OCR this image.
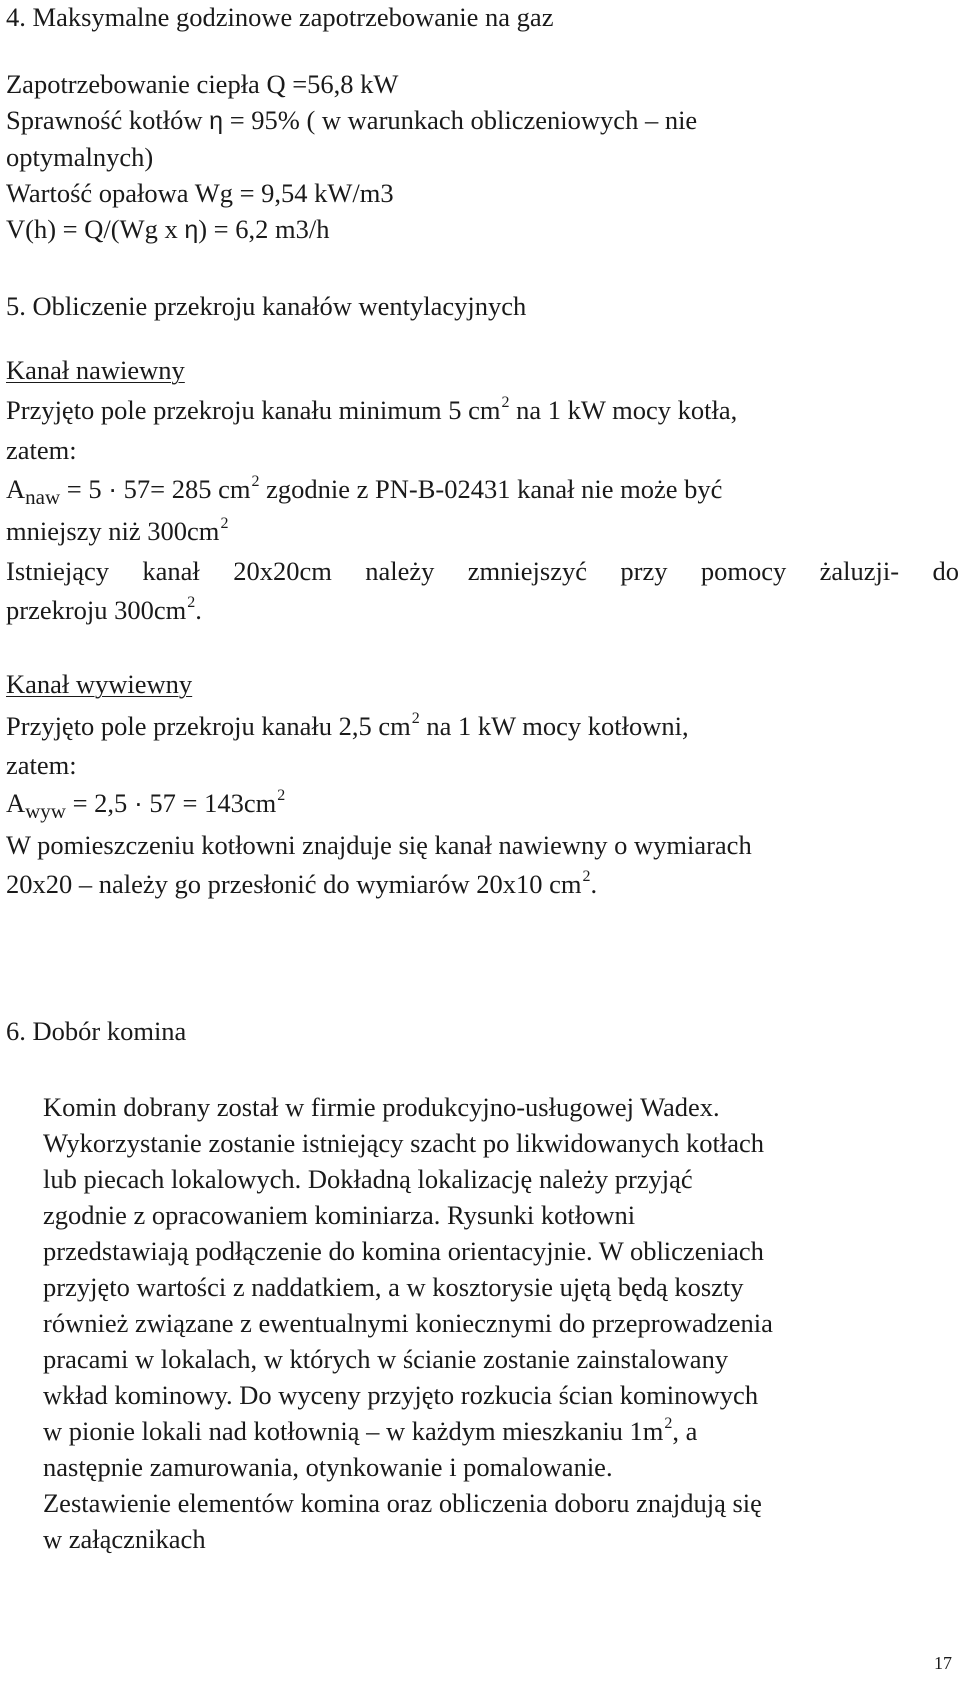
4. Maksymalne godzinowe zapotrzebowanie na gaz
Zapotrzebowanie ciepła Q =56,8 kW
Sprawność kotłów η = 95% ( w warunkach obliczeniowych – nie
optymalnych)
Wartość opałowa Wg = 9,54 kW/m3
V(h) = Q/(Wg x η) = 6,2 m3/h
5. Obliczenie przekroju kanałów wentylacyjnych
Kanał nawiewny
Przyjęto pole przekroju kanału minimum 5 $cm^2$ na 1 kW mocy kotła,
zatem:
$A_{naw} = 5 \cdot 57= 285$ $cm^2$ zgodnie z PN-B-02431 kanał nie może być
mniejszy niż $300cm^2$
Istniejący kanał 20x20cm należy zmniejszyć przy pomocy żaluzji- do
przekroju $300cm^2$.
Kanał wywiewny
Przyjęto pole przekroju kanału 2,5 $cm^2$ na 1 kW mocy kotłowni,
zatem:
$A_{wyw} = 2,5 \cdot 57 = 143cm^2$
W pomieszczeniu kotłowni znajduje się kanał nawiewny o wymiarach
20x20 – należy go przesłonić do wymiarów 20x10 $cm^2$.
6. Dobór komina
Komin dobrany został w firmie produkcyjno-usługowej Wadex.
Wykorzystanie zostanie istniejący szacht po likwidowanych kotłach
lub piecach lokalowych. Dokładną lokalizację należy przyjąć
zgodnie z opracowaniem kominiarza. Rysunki kotłowni
przedstawiają podłączenie do komina orientacyjnie. W obliczeniach
przyjęto wartości z naddatkiem, a w kosztorysie ujętą będą koszty
również związane z ewentualnymi koniecznymi do przeprowadzenia
pracami w lokalach, w których w ścianie zostanie zainstalowany
wkład kominowy. Do wyceny przyjęto rozkucia ścian kominowych
w pionie lokali nad kotłownią – w każdym mieszkaniu $1m^2$, a
następnie zamurowania, otynkowanie i pomalowanie.
Zestawienie elementów komina oraz obliczenia doboru znajdują się
w załącznikach
17
